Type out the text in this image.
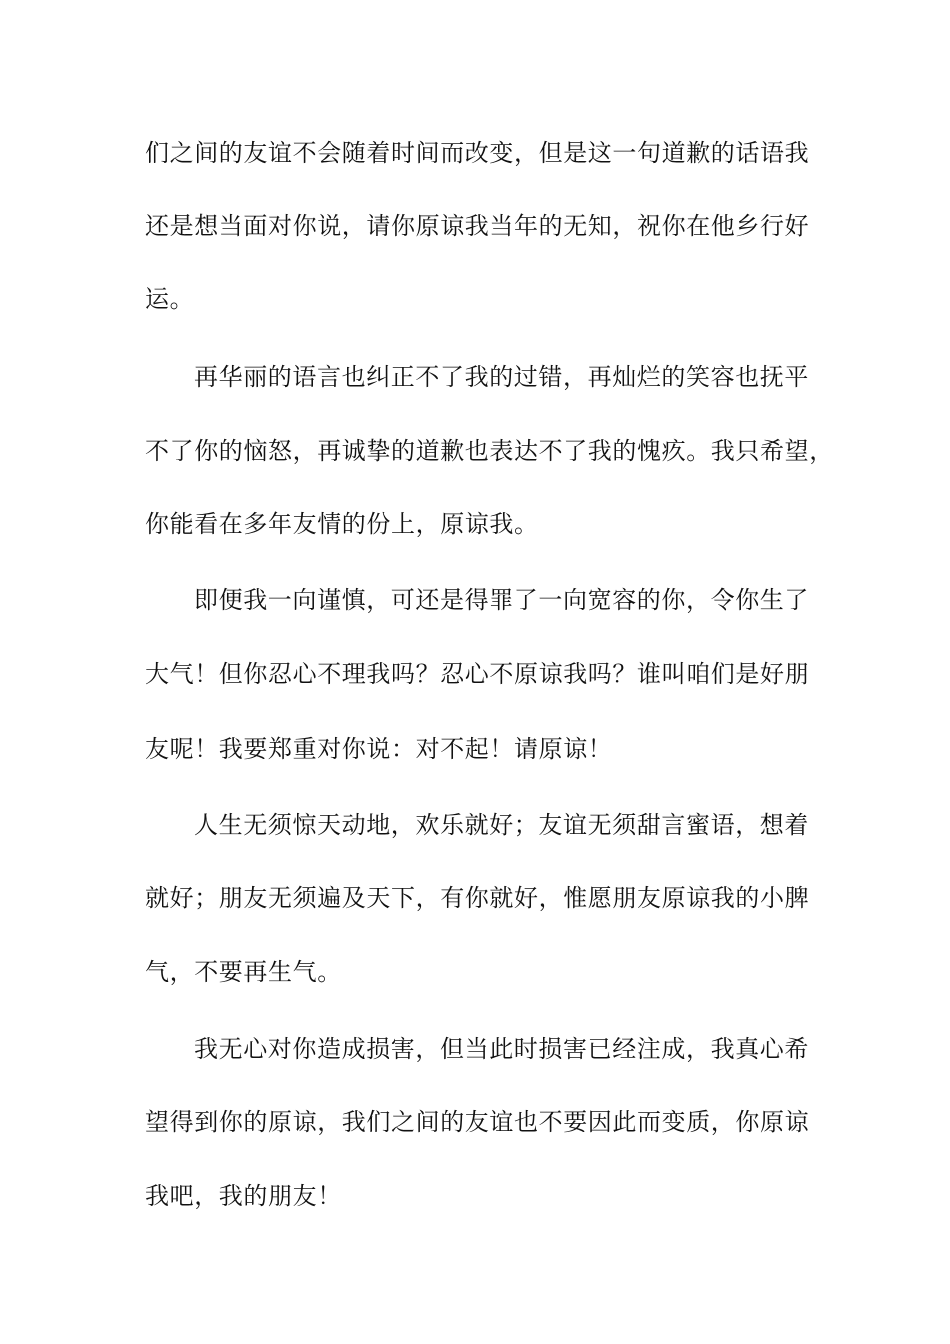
们之间的友谊不会随着时间而改变，但是这一句道歉的话语我
还是想当面对你说，请你原谅我当年的无知，祝你在他乡行好
运。
再华丽的语言也纠正不了我的过错，再灿烂的笑容也抚平
不了你的恼怒，再诚挚的道歉也表达不了我的愧疚。我只希望，
你能看在多年友情的份上，原谅我。
即便我一向谨慎，可还是得罪了一向宽容的你，令你生了
大气！但你忍心不理我吗？忍心不原谅我吗？谁叫咱们是好朋
友呢！我要郑重对你说：对不起！请原谅！
人生无须惊天动地，欢乐就好；友谊无须甜言蜜语，想着
就好；朋友无须遍及天下，有你就好，惟愿朋友原谅我的小脾
气，不要再生气。
我无心对你造成损害，但当此时损害已经注成，我真心希
望得到你的原谅，我们之间的友谊也不要因此而变质，你原谅
我吧，我的朋友！
